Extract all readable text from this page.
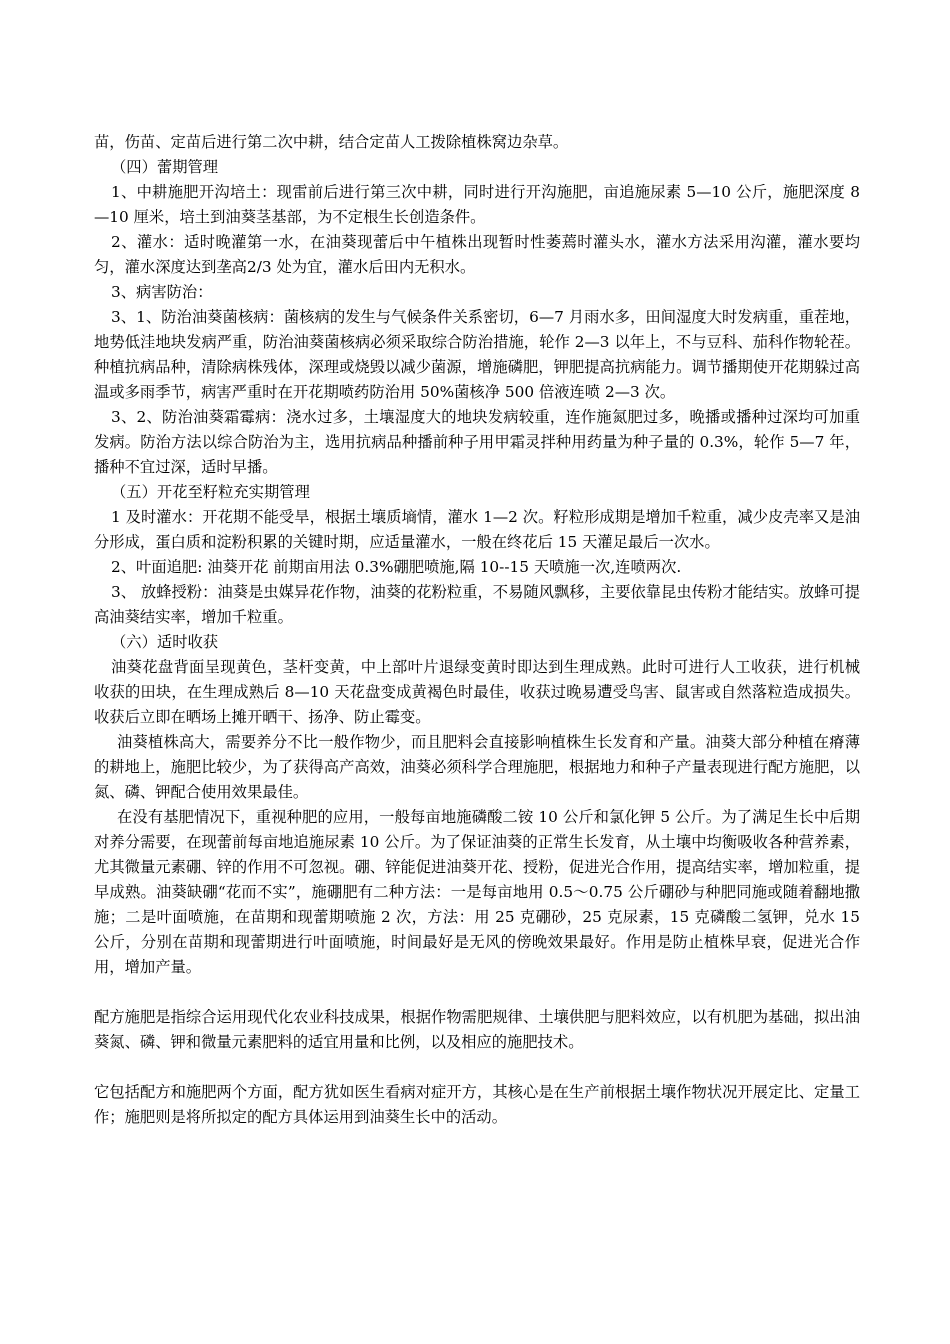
苗，伤苗、定苗后进行第二次中耕，结合定苗人工拨除植株窝边杂草。

（四）蕾期管理

1、中耕施肥开沟培土：现雷前后进行第三次中耕，同时进行开沟施肥，亩追施尿素 5—10 公斤，施肥深度 8—10 厘米，培土到油葵茎基部，为不定根生长创造条件。

2、灌水：适时晚灌第一水，在油葵现蕾后中午植株出现暂时性萎蔫时灌头水，灌水方法采用沟灌，灌水要均匀，灌水深度达到垄高2/3 处为宜，灌水后田内无积水。

3、病害防治：

3、1、防治油葵菌核病：菌核病的发生与气候条件关系密切，6—7 月雨水多，田间湿度大时发病重，重茬地，地势低洼地块发病严重，防治油葵菌核病必须采取综合防治措施，轮作 2—3 以年上，不与豆科、茄科作物轮茬。种植抗病品种，清除病株残体，深理或烧毁以减少菌源，增施磷肥，钾肥提高抗病能力。调节播期使开花期躲过高温或多雨季节，病害严重时在开花期喷药防治用 50%菌核净 500 倍液连喷 2—3 次。

3、2、防治油葵霜霉病：浇水过多，土壤湿度大的地块发病较重，连作施氮肥过多，晚播或播种过深均可加重发病。防治方法以综合防治为主，选用抗病品种播前种子用甲霜灵拌种用药量为种子量的 0.3%，轮作 5—7 年，播种不宜过深，适时早播。

（五）开花至籽粒充实期管理

1 及时灌水：开花期不能受旱，根据土壤质墒情，灌水 1—2 次。籽粒形成期是增加千粒重，减少皮壳率又是油分形成，蛋白质和淀粉积累的关键时期，应适量灌水，一般在终花后 15 天灌足最后一次水。

2、叶面追肥: 油葵开花 前期亩用法 0.3%硼肥喷施,隔 10--15 天喷施一次,连喷两次.

3、 放蜂授粉：油葵是虫媒异花作物，油葵的花粉粒重，不易随风飘移，主要依靠昆虫传粉才能结实。放蜂可提高油葵结实率，增加千粒重。

（六）适时收获

油葵花盘背面呈现黄色，茎杆变黄，中上部叶片退绿变黄时即达到生理成熟。此时可进行人工收获，进行机械收获的田块，在生理成熟后 8—10 天花盘变成黄褐色时最佳，收获过晚易遭受鸟害、鼠害或自然落粒造成损失。收获后立即在晒场上摊开晒干、扬净、防止霉变。

油葵植株高大，需要养分不比一般作物少，而且肥料会直接影响植株生长发育和产量。油葵大部分种植在瘠薄的耕地上，施肥比较少，为了获得高产高效，油葵必须科学合理施肥，根据地力和种子产量表现进行配方施肥，以氮、磷、钾配合使用效果最佳。

在没有基肥情况下，重视种肥的应用，一般每亩地施磷酸二铵 10 公斤和氯化钾 5 公斤。为了满足生长中后期对养分需要，在现蕾前每亩地追施尿素 10 公斤。为了保证油葵的正常生长发育，从土壤中均衡吸收各种营养素，尤其微量元素硼、锌的作用不可忽视。硼、锌能促进油葵开花、授粉，促进光合作用，提高结实率，增加粒重，提早成熟。油葵缺硼“花而不实”，施硼肥有二种方法：一是每亩地用 0.5～0.75 公斤硼砂与种肥同施或随着翻地撒施；二是叶面喷施，在苗期和现蕾期喷施 2 次，方法：用 25 克硼砂，25 克尿素，15 克磷酸二氢钾，兑水 15 公斤，分别在苗期和现蕾期进行叶面喷施，时间最好是无风的傍晚效果最好。作用是防止植株早衰，促进光合作用，增加产量。

配方施肥是指综合运用现代化农业科技成果，根据作物需肥规律、土壤供肥与肥料效应，以有机肥为基础，拟出油葵氮、磷、钾和微量元素肥料的适宜用量和比例，以及相应的施肥技术。

它包括配方和施肥两个方面，配方犹如医生看病对症开方，其核心是在生产前根据土壤作物状况开展定比、定量工作；施肥则是将所拟定的配方具体运用到油葵生长中的活动。
